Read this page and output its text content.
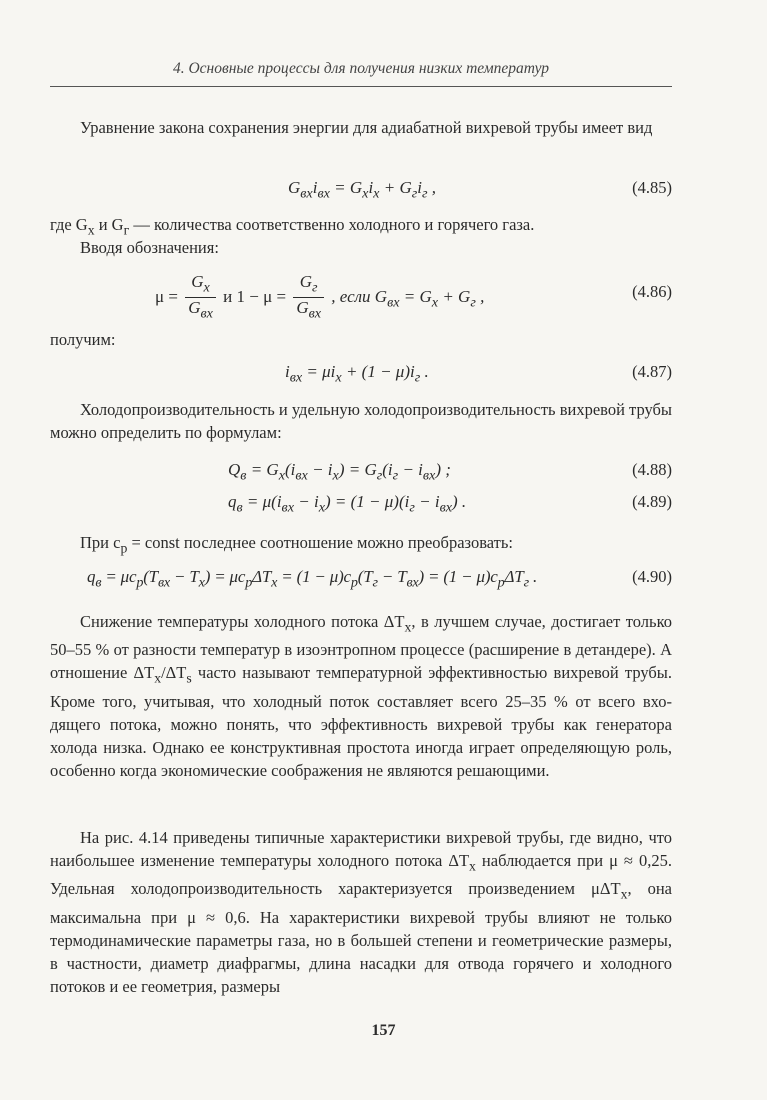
4. Основные процессы для получения низких температур

Уравнение закона сохранения энергии для адиабатной вихревой трубы имеет вид

$G_{вх}i_{вх} = G_xi_x + G_гi_г$ ,	(4.85)

где $G_x$ и $G_г$ — количества соответственно холодного и горячего газа.

Вводя обозначения:

$\mu = \frac{G_x}{G_{вх}}$ и $1 - \mu = \frac{G_г}{G_{вх}}$ , если $G_{вх} = G_x + G_г$ ,	(4.86)

получим:

$i_{вх} = \mu i_x + (1 - \mu)i_г$ .	(4.87)

Холодопроизводительность и удельную холодопроизводительность вихревой трубы можно определить по формулам:

$Q_в = G_x(i_{вх} - i_x) = G_г(i_г - i_{вх})$ ;	(4.88)
$q_в = \mu(i_{вх} - i_x) = (1 - \mu)(i_г - i_{вх})$ .	(4.89)

При $c_p$ = const последнее соотношение можно преобразовать:

$q_в = \mu c_p(T_{вх} - T_x) = \mu c_p\Delta T_x = (1 - \mu)c_p(T_г - T_{вх}) = (1 - \mu)c_p\Delta T_г$ .	(4.90)

Снижение температуры холодного потока $\Delta T_x$, в лучшем случае, достигает только 50–55 % от разности температур в изоэнтропном процессе (расширение в детандере). А отношение $\Delta T_x/\Delta T_s$ часто называют температурной эффективностью вихревой трубы. Кроме того, учитывая, что холодный поток составляет всего 25–35 % от всего входящего потока, можно понять, что эффективность вихревой трубы как генератора холода низка. Однако ее конструктивная простота иногда играет определяющую роль, особенно когда экономические соображения не являются решающими.

На рис. 4.14 приведены типичные характеристики вихревой трубы, где видно, что наибольшее изменение температуры холодного потока $\Delta T_x$ наблюдается при μ ≈ 0,25. Удельная холодопроизводительность характеризуется произведением μΔT$_x$, она максимальна при μ ≈ 0,6. На характеристики вихревой трубы влияют не только термодинамические параметры газа, но в большей степени и геометрические размеры, в частности, диаметр диафрагмы, длина насадки для отвода горячего и холодного потоков и ее геометрия, размеры

157
